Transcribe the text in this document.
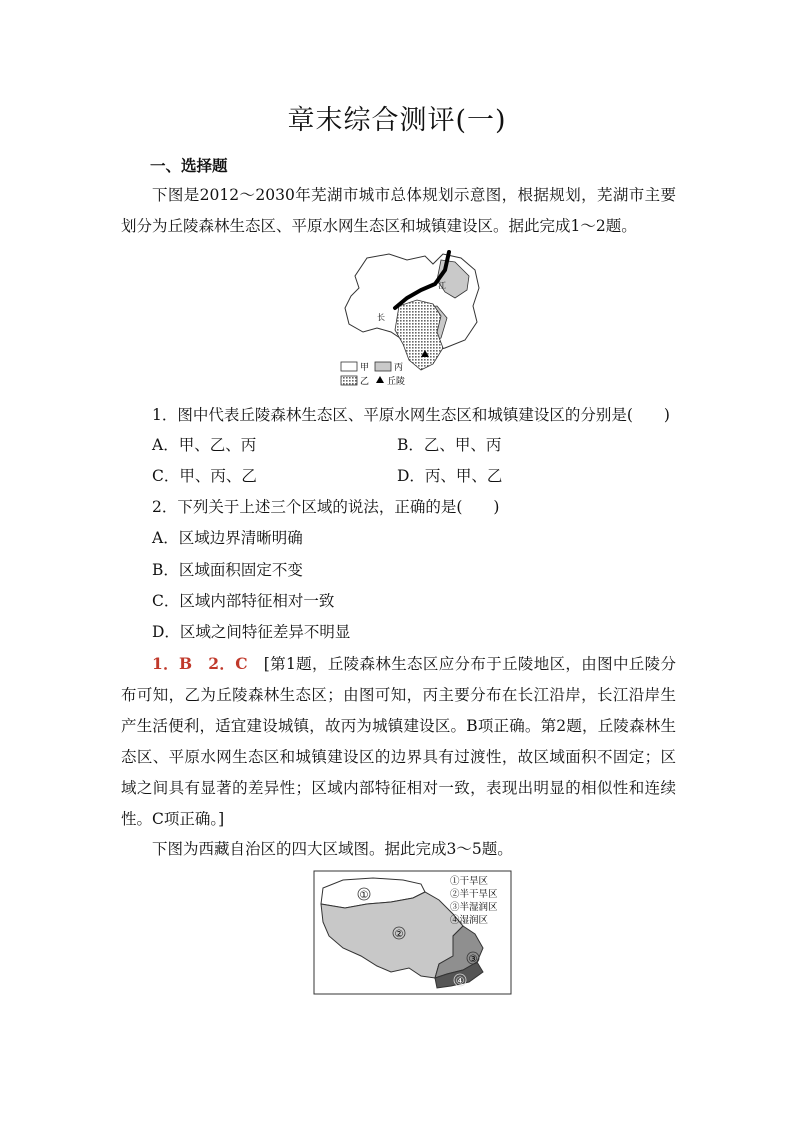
章末综合测评(一)
一、选择题
下图是2012～2030年芜湖市城市总体规划示意图，根据规划，芜湖市主要划分为丘陵森林生态区、平原水网生态区和城镇建设区。据此完成1～2题。
江
长
甲	丙
乙 丘陵
1．图中代表丘陵森林生态区、平原水网生态区和城镇建设区的分别是(　　)
A．甲、乙、丙	B．乙、甲、丙
C．甲、丙、乙	D．丙、甲、乙
2．下列关于上述三个区域的说法，正确的是(　　)
A．区域边界清晰明确
B．区域面积固定不变
C．区域内部特征相对一致
D．区域之间特征差异不明显
1．B　2．C　 [第1题，丘陵森林生态区应分布于丘陵地区，由图中丘陵分布可知，乙为丘陵森林生态区；由图可知，丙主要分布在长江沿岸，长江沿岸生产生活便利，适宜建设城镇，故丙为城镇建设区。B项正确。第2题，丘陵森林生态区、平原水网生态区和城镇建设区的边界具有过渡性，故区域面积不固定；区域之间具有显著的差异性；区域内部特征相对一致，表现出明显的相似性和连续性。C项正确。]
下图为西藏自治区的四大区域图。据此完成3～5题。
①
②
③
④
①干旱区
②半干旱区
③半湿润区
④湿润区
